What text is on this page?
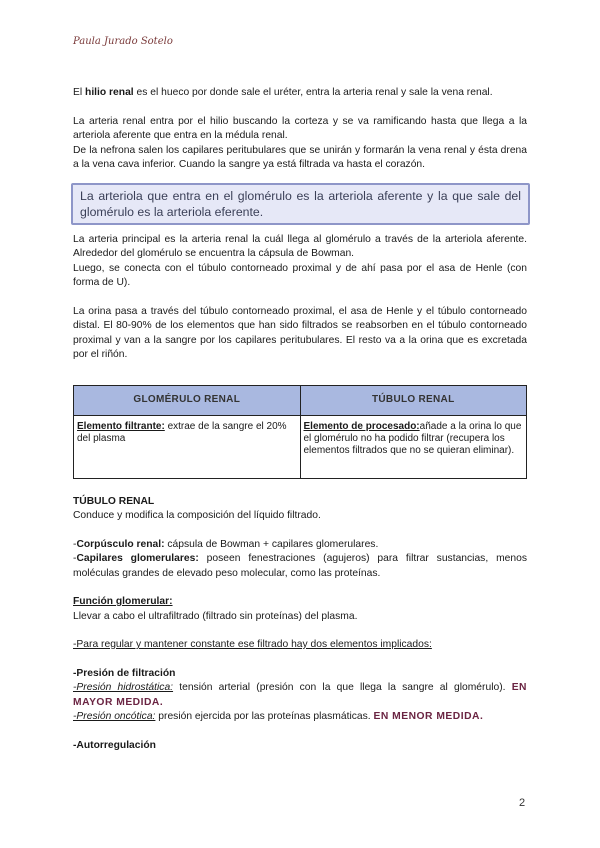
Paula Jurado Sotelo

El hilio renal es el hueco por donde sale el uréter, entra la arteria renal y sale la vena renal.

La arteria renal entra por el hilio buscando la corteza y se va ramificando hasta que llega a la arteriola aferente que entra en la médula renal.

De la nefrona salen los capilares peritubulares que se unirán y formarán la vena renal y ésta drena a la vena cava inferior. Cuando la sangre ya está filtrada va hasta el corazón.

La arteriola que entra en el glomérulo es la arteriola aferente y la que sale del glomérulo es la arteriola eferente.

La arteria principal es la arteria renal la cuál llega al glomérulo a través de la arteriola aferente. Alrededor del glomérulo se encuentra la cápsula de Bowman.

Luego, se conecta con el túbulo contorneado proximal y de ahí pasa por el asa de Henle (con forma de U).

La orina pasa a través del túbulo contorneado proximal, el asa de Henle y el túbulo contorneado distal. El 80-90% de los elementos que han sido filtrados se reabsorben en el túbulo contorneado proximal y van a la sangre por los capilares peritubulares. El resto va a la orina que es excretada por el riñón.

GLOMÉRULO RENAL	TÚBULO RENAL
Elemento filtrante: extrae de la sangre el 20% del plasma	Elemento de procesado:añade a la orina lo que el glomérulo no ha podido filtrar (recupera los elementos filtrados que no se quieran eliminar).

TÚBULO RENAL

Conduce y modifica la composición del líquido filtrado.

-Corpúsculo renal: cápsula de Bowman + capilares glomerulares.

-Capilares glomerulares: poseen fenestraciones (agujeros) para filtrar sustancias, menos moléculas grandes de elevado peso molecular, como las proteínas.

Función glomerular:

Llevar a cabo el ultrafiltrado (filtrado sin proteínas) del plasma.

-Para regular y mantener constante ese filtrado hay dos elementos implicados:

-Presión de filtración

-Presión hidrostática: tensión arterial (presión con la que llega la sangre al glomérulo). EN MAYOR MEDIDA.

-Presión oncótica: presión ejercida por las proteínas plasmáticas. EN MENOR MEDIDA.

-Autorregulación

2
